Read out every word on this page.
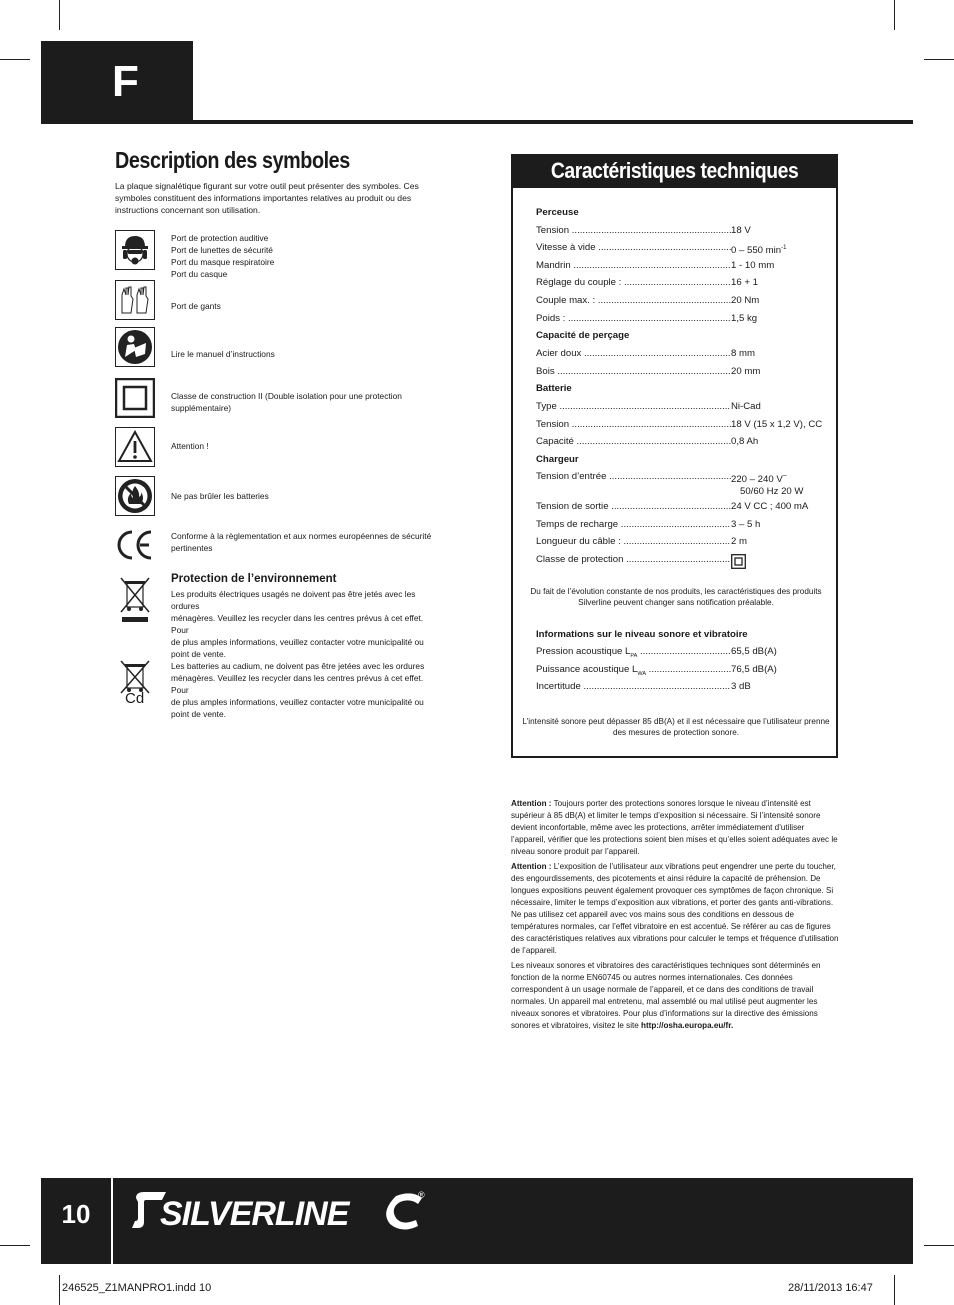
F
Description des symboles
La plaque signalétique figurant sur votre outil peut présenter des symboles. Ces symboles constituent des informations importantes relatives au produit ou des instructions concernant son utilisation.
Port de protection auditive
Port de lunettes de sécurité
Port du masque respiratoire
Port du casque
Port de gants
Lire le manuel d’instructions
Classe de construction II (Double isolation pour une protection
supplémentaire)
Attention !
Ne pas brûler les batteries
Conforme à la règlementation et aux normes européennes de sécurité
pertinentes
Protection de l’environnement
Les produits électriques usagés ne doivent pas être jetés avec les ordures
ménagères. Veuillez les recycler dans les centres prévus à cet effet. Pour
de plus amples informations, veuillez contacter votre municipalité ou
point de vente.
Cd
Les batteries au cadium, ne doivent pas être jetées avec les ordures
ménagères. Veuillez les recycler dans les centres prévus à cet effet. Pour
de plus amples informations, veuillez contacter votre municipalité ou
point de vente.
Caractéristiques techniques
Perceuse
Tension .....	18 V
Vitesse à vide .....	0 – 550 $\min^{-1}$
Mandrin .....	1 - 10 mm
Réglage du couple : .....	16 + 1
Couple max. : .....	20 Nm
Poids : .....	1,5 kg
Capacité de perçage
Acier doux .....	8 mm
Bois .....	20 mm
Batterie
Type .....	Ni-Cad
Tension .....	18 V (15 x 1,2 V), CC
Capacité .....	0,8 Ah
Chargeur
Tension d’entrée .....	220 – 240 V~
50/60 Hz 20 W
Tension de sortie .....	24 V CC ; 400 mA
Temps de recharge .....	3 – 5 h
Longueur du câble : .....	2 m
Classe de protection .....
Du fait de l’évolution constante de nos produits, les caractéristiques des produits Silverline peuvent changer sans notification préalable.
Informations sur le niveau sonore et vibratoire
Pression acoustique $L_{PA}$ .....	65,5 dB(A)
Puissance acoustique $L_{WA}$ .....	76,5 dB(A)
Incertitude .....	3 dB
L’intensité sonore peut dépasser 85 dB(A) et il est nécessaire que l’utilisateur prenne des mesures de protection sonore.

Attention : Toujours porter des protections sonores lorsque le niveau d’intensité est supérieur à 85 dB(A) et limiter le temps d’exposition si nécessaire. Si l’intensité sonore devient inconfortable, même avec les protections, arrêter immédiatement d’utiliser l’appareil, vérifier que les protections soient bien mises et qu’elles soient adéquates avec le niveau sonore produit par l’appareil.

Attention : L’exposition de l’utilisateur aux vibrations peut engendrer une perte du toucher, des engourdissements, des picotements et ainsi réduire la capacité de préhension. De longues expositions peuvent également provoquer ces symptômes de façon chronique. Si nécessaire, limiter le temps d’exposition aux vibrations, et porter des gants anti-vibrations. Ne pas utilisez cet appareil avec vos mains sous des conditions en dessous de températures normales, car l’effet vibratoire en est accentué. Se référer au cas de figures des caractéristiques relatives aux vibrations pour calculer le temps et fréquence d’utilisation de l’appareil.

Les niveaux sonores et vibratoires des caractéristiques techniques sont déterminés en fonction de la norme EN60745 ou autres normes internationales. Ces données correspondent à un usage normale de l’appareil, et ce dans des conditions de travail normales. Un appareil mal entretenu, mal assemblé ou mal utilisé peut augmenter les niveaux sonores et vibratoires. Pour plus d’informations sur la directive des émissions sonores et vibratoires, visitez le site http://osha.europa.eu/fr.

10	SILVERLINE	®
246525_Z1MANPRO1.indd 10	28/11/2013 16:47
